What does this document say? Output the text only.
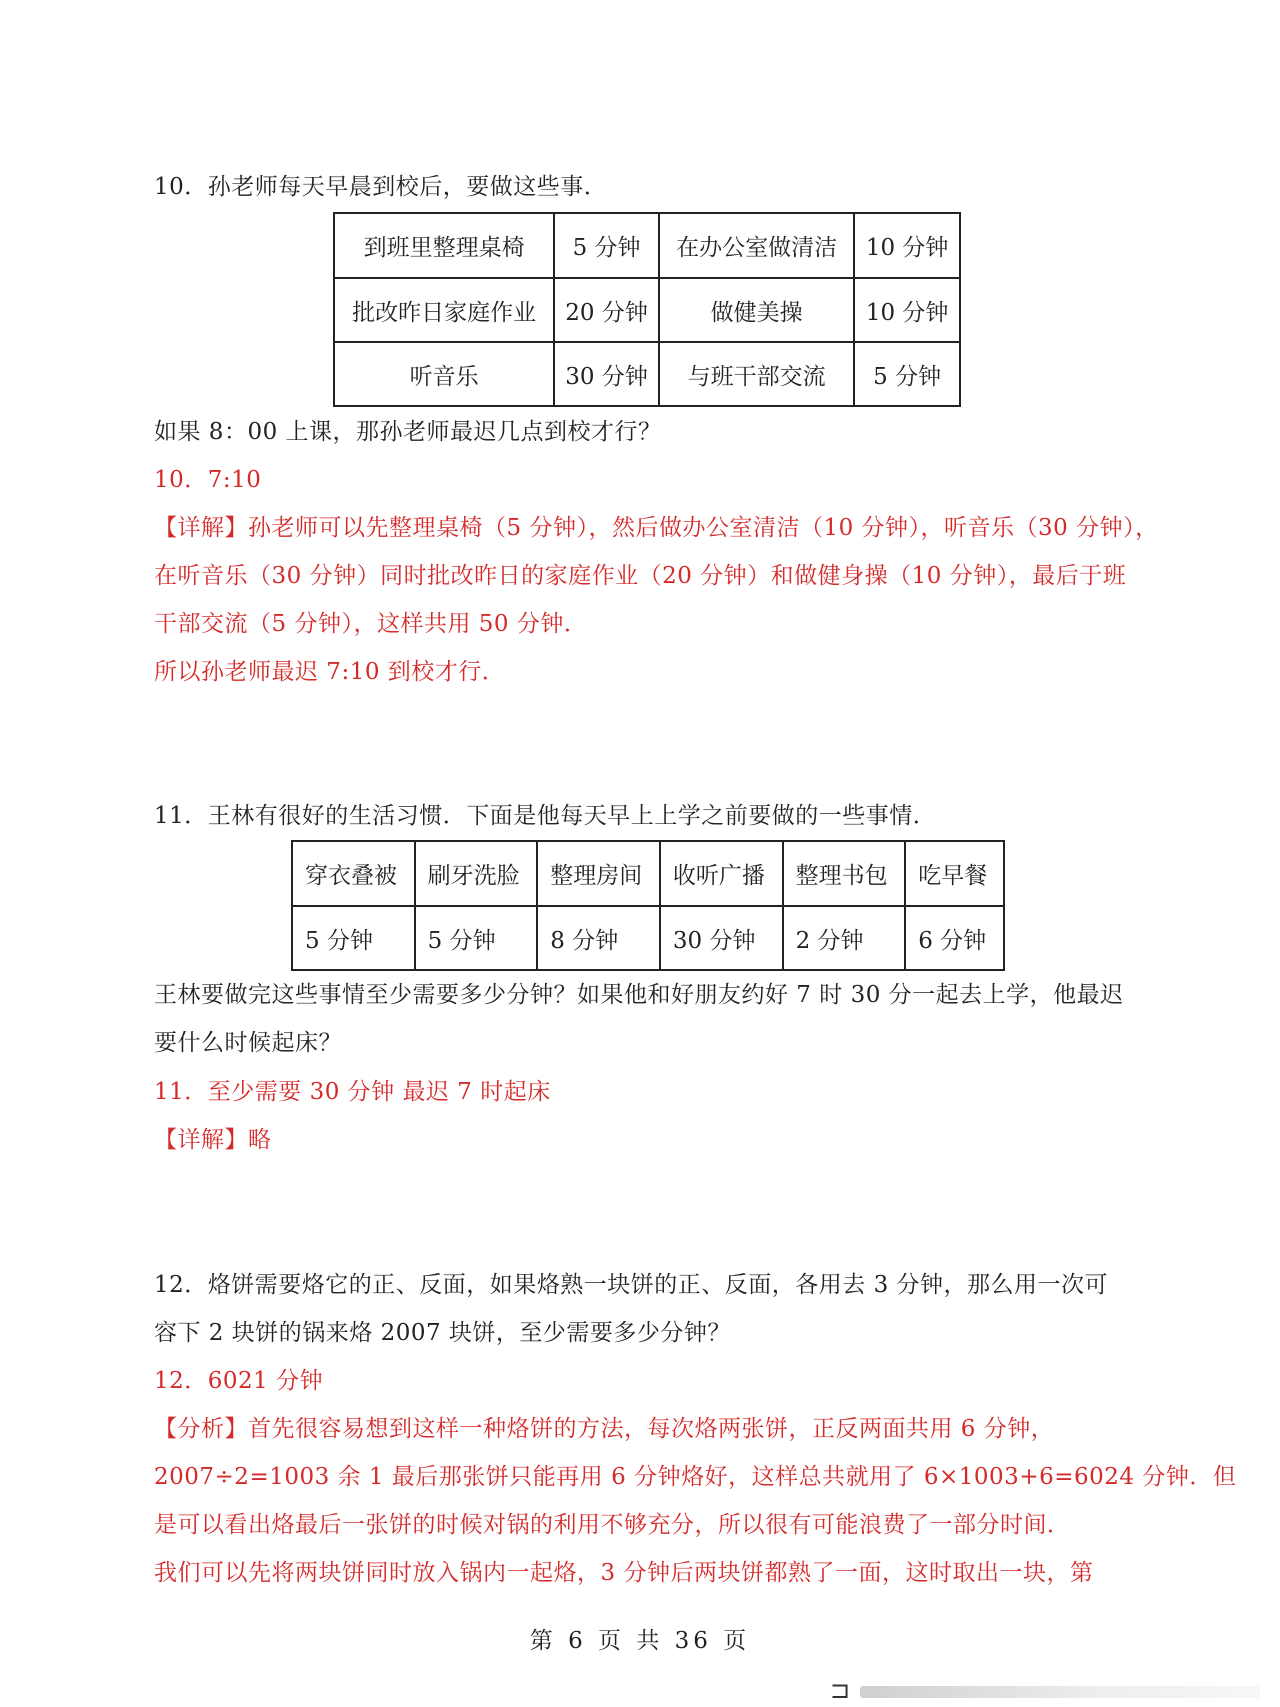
10．孙老师每天早晨到校后，要做这些事．
到班里整理桌椅	5 分钟	在办公室做清洁	10 分钟
批改昨日家庭作业	20 分钟	做健美操	10 分钟
听音乐	30 分钟	与班干部交流	5 分钟
如果 8：00 上课，那孙老师最迟几点到校才行？
10．7:10
【详解】孙老师可以先整理桌椅（5 分钟），然后做办公室清洁（10 分钟），听音乐（30 分钟），
在听音乐（30 分钟）同时批改昨日的家庭作业（20 分钟）和做健身操（10 分钟），最后于班
干部交流（5 分钟），这样共用 50 分钟．
所以孙老师最迟 7:10 到校才行．
11．王林有很好的生活习惯．下面是他每天早上上学之前要做的一些事情．
穿衣叠被	刷牙洗脸	整理房间	收听广播	整理书包	吃早餐
5 分钟	5 分钟	8 分钟	30 分钟	2 分钟	6 分钟
王林要做完这些事情至少需要多少分钟？如果他和好朋友约好 7 时 30 分一起去上学，他最迟
要什么时候起床？
11．至少需要 30 分钟 最迟 7 时起床
【详解】略
12．烙饼需要烙它的正、反面，如果烙熟一块饼的正、反面，各用去 3 分钟，那么用一次可
容下 2 块饼的锅来烙 2007 块饼，至少需要多少分钟？
12．6021 分钟
【分析】首先很容易想到这样一种烙饼的方法，每次烙两张饼，正反两面共用 6 分钟，
2007÷2=1003 余 1 最后那张饼只能再用 6 分钟烙好，这样总共就用了 6×1003+6=6024 分钟．但
是可以看出烙最后一张饼的时候对锅的利用不够充分，所以很有可能浪费了一部分时间．
我们可以先将两块饼同时放入锅内一起烙，3 分钟后两块饼都熟了一面，这时取出一块，第
第 6 页 共 36 页
⊐
